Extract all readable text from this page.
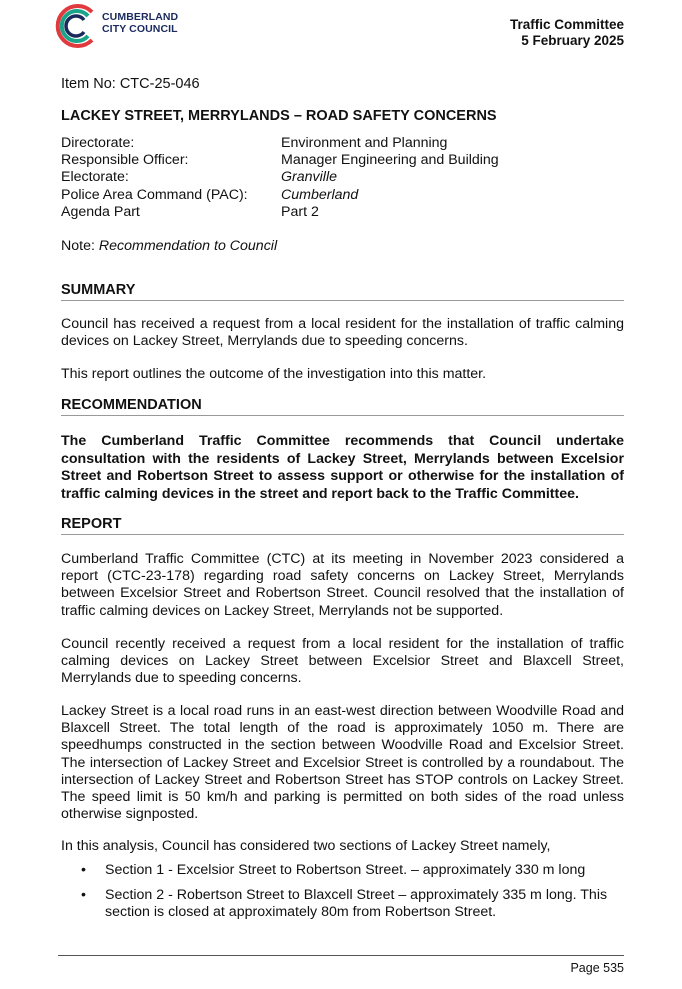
CUMBERLAND
CITY COUNCIL	Traffic Committee
5 February 2025
Item No: CTC-25-046
LACKEY STREET, MERRYLANDS – ROAD SAFETY CONCERNS
Directorate:	Environment and Planning
Responsible Officer:	Manager Engineering and Building
Electorate:	Granville
Police Area Command (PAC):	Cumberland
Agenda Part	Part 2
Note: Recommendation to Council
SUMMARY
Council has received a request from a local resident for the installation of traffic calming devices on Lackey Street, Merrylands due to speeding concerns.
This report outlines the outcome of the investigation into this matter.
RECOMMENDATION
The Cumberland Traffic Committee recommends that Council undertake consultation with the residents of Lackey Street, Merrylands between Excelsior Street and Robertson Street to assess support or otherwise for the installation of traffic calming devices in the street and report back to the Traffic Committee.
REPORT
Cumberland Traffic Committee (CTC) at its meeting in November 2023 considered a report (CTC-23-178) regarding road safety concerns on Lackey Street, Merrylands between Excelsior Street and Robertson Street. Council resolved that the installation of traffic calming devices on Lackey Street, Merrylands not be supported.
Council recently received a request from a local resident for the installation of traffic calming devices on Lackey Street between Excelsior Street and Blaxcell Street, Merrylands due to speeding concerns.
Lackey Street is a local road runs in an east-west direction between Woodville Road and Blaxcell Street. The total length of the road is approximately 1050 m. There are speedhumps constructed in the section between Woodville Road and Excelsior Street. The intersection of Lackey Street and Excelsior Street is controlled by a roundabout. The intersection of Lackey Street and Robertson Street has STOP controls on Lackey Street. The speed limit is 50 km/h and parking is permitted on both sides of the road unless otherwise signposted.
In this analysis, Council has considered two sections of Lackey Street namely,
• Section 1 - Excelsior Street to Robertson Street. – approximately 330 m long
• Section 2 - Robertson Street to Blaxcell Street – approximately 335 m long. This section is closed at approximately 80m from Robertson Street.
Page 535
